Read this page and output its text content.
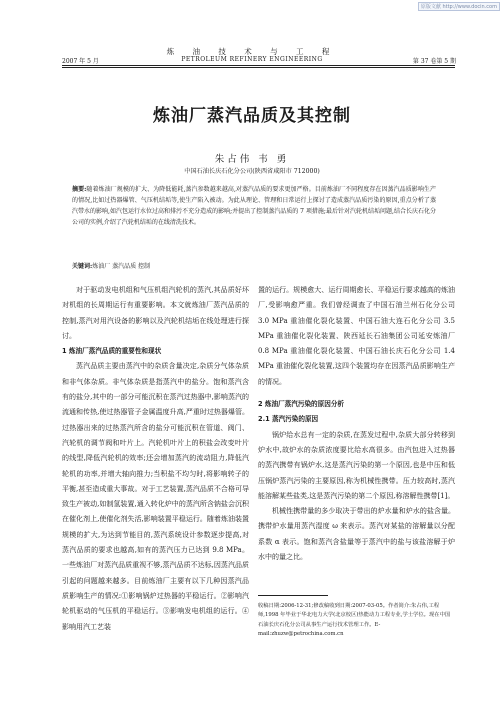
原版文献 http://www.docin.com
2007 年 5 月
炼 油 技 术 与 工 程
PETROLEUM REFINERY ENGINEERING	第 37 卷第 5 期
炼油厂蒸汽品质及其控制
朱占伟 韦 勇
中国石油长庆石化分公司(陕西省咸阳市 712000)
摘要:随着炼油厂规模的扩大、为降低能耗,蒸汽参数越来越高,对蒸汽品质的要求更加严格。目前炼油厂不同程度存在因蒸汽品质影响生产的情况,比如过热器爆管、气压机结垢等,使生产陷入被动。为此从理论、管理和日常运行上探讨了造成蒸汽品质污染的原因,重点分析了蒸汽带水的影响,如汽包运行水位过高和排污不充分造成的影响;并提出了控制蒸汽品质的 7 项措施;最后针对汽轮机结垢问题,结合长庆石化分公司的实例,介绍了汽轮机结垢的在线清洗技术。
关键词:炼油厂 蒸汽品质 控制

对于驱动发电机组和气压机组汽轮机的蒸汽,其品质好坏对机组的长周期运行有重要影响。本文就炼油厂蒸汽品质的控制,蒸汽对用汽设备的影响以及汽轮机结垢在线处理进行探讨。

1 炼油厂蒸汽品质的重要性和现状

蒸汽品质主要由蒸汽中的杂质含量决定,杂质分气体杂质和非气体杂质。非气体杂质是指蒸汽中的盐分。饱和蒸汽含有的盐分,其中的一部分可能沉积在蒸汽过热器中,影响蒸汽的流通和传热,使过热器管子金属温度升高,严重时过热器爆管。过热器出来的过热蒸汽所含的盐分可能沉积在管道、阀门、汽轮机的调节阀和叶片上。汽轮机叶片上的积盐会改变叶片的线型,降低汽轮机的效率;还会增加蒸汽的流动阻力,降低汽轮机的功率,并增大轴向推力;当积盐不均匀时,将影响转子的平衡,甚至造成重大事故。对于工艺装置,蒸汽品质不合格可导致生产被动,如制氢装置,通入转化炉中的蒸汽所含钠盐会沉积在催化剂上,使催化剂失活,影响装置平稳运行。随着炼油装置规模的扩大,为达到节能目的,蒸汽系统设计参数逐步提高,对蒸汽品质的要求也越高,如有的蒸汽压力已达到 9.8 MPa。一些炼油厂对蒸汽品质重视不够,蒸汽品质不达标,因蒸汽品质引起的问题越来越多。目前炼油厂主要有以下几种因蒸汽品质影响生产的情况:①影响锅炉过热器的平稳运行。②影响汽轮机驱动的气压机的平稳运行。③影响发电机组的运行。④影响用汽工艺装

置的运行。规模愈大、运行周期愈长、平稳运行要求越高的炼油厂,受影响愈严重。我们曾经调查了中国石油兰州石化分公司 3.0 MPa 重油催化裂化装置、中国石油大连石化分公司 3.5 MPa 重油催化裂化装置、陕西延长石油集团公司延安炼油厂 0.8 MPa 重油催化裂化装置、中国石油长庆石化分公司 1.4 MPa 重油催化裂化装置,这四个装置均存在因蒸汽品质影响生产的情况。

2 炼油厂蒸汽污染的原因分析

2.1 蒸汽污染的原因

锅炉给水总有一定的杂质,在蒸发过程中,杂质大部分转移到炉水中,故炉水的杂质浓度要比给水高很多。由汽包进入过热器的蒸汽携带有锅炉水,这是蒸汽污染的第一个原因,也是中压和低压锅炉蒸汽污染的主要原因,称为机械性携带。压力较高时,蒸汽能溶解某些盐类,这是蒸汽污染的第二个原因,称溶解性携带[1]。

机械性携带量的多少取决于带出的炉水量和炉水的盐含量。携带炉水量用蒸汽湿度 ω 来表示。蒸汽对某盐的溶解量以分配系数 α 表示。饱和蒸汽含盐量等于蒸汽中的盐与该盐溶解于炉水中的量之比。

收稿日期:2006-12-31;修改稿收到日期:2007-03-05。作者简介:朱占伟,工程师,1998 年毕业于华北电力大学(北京校区)热能动力工程专业,学士学位。现在中国石油长庆石化分公司从事生产运行技术管理工作。E-mail:zhuzw@petrochina.com.cn
